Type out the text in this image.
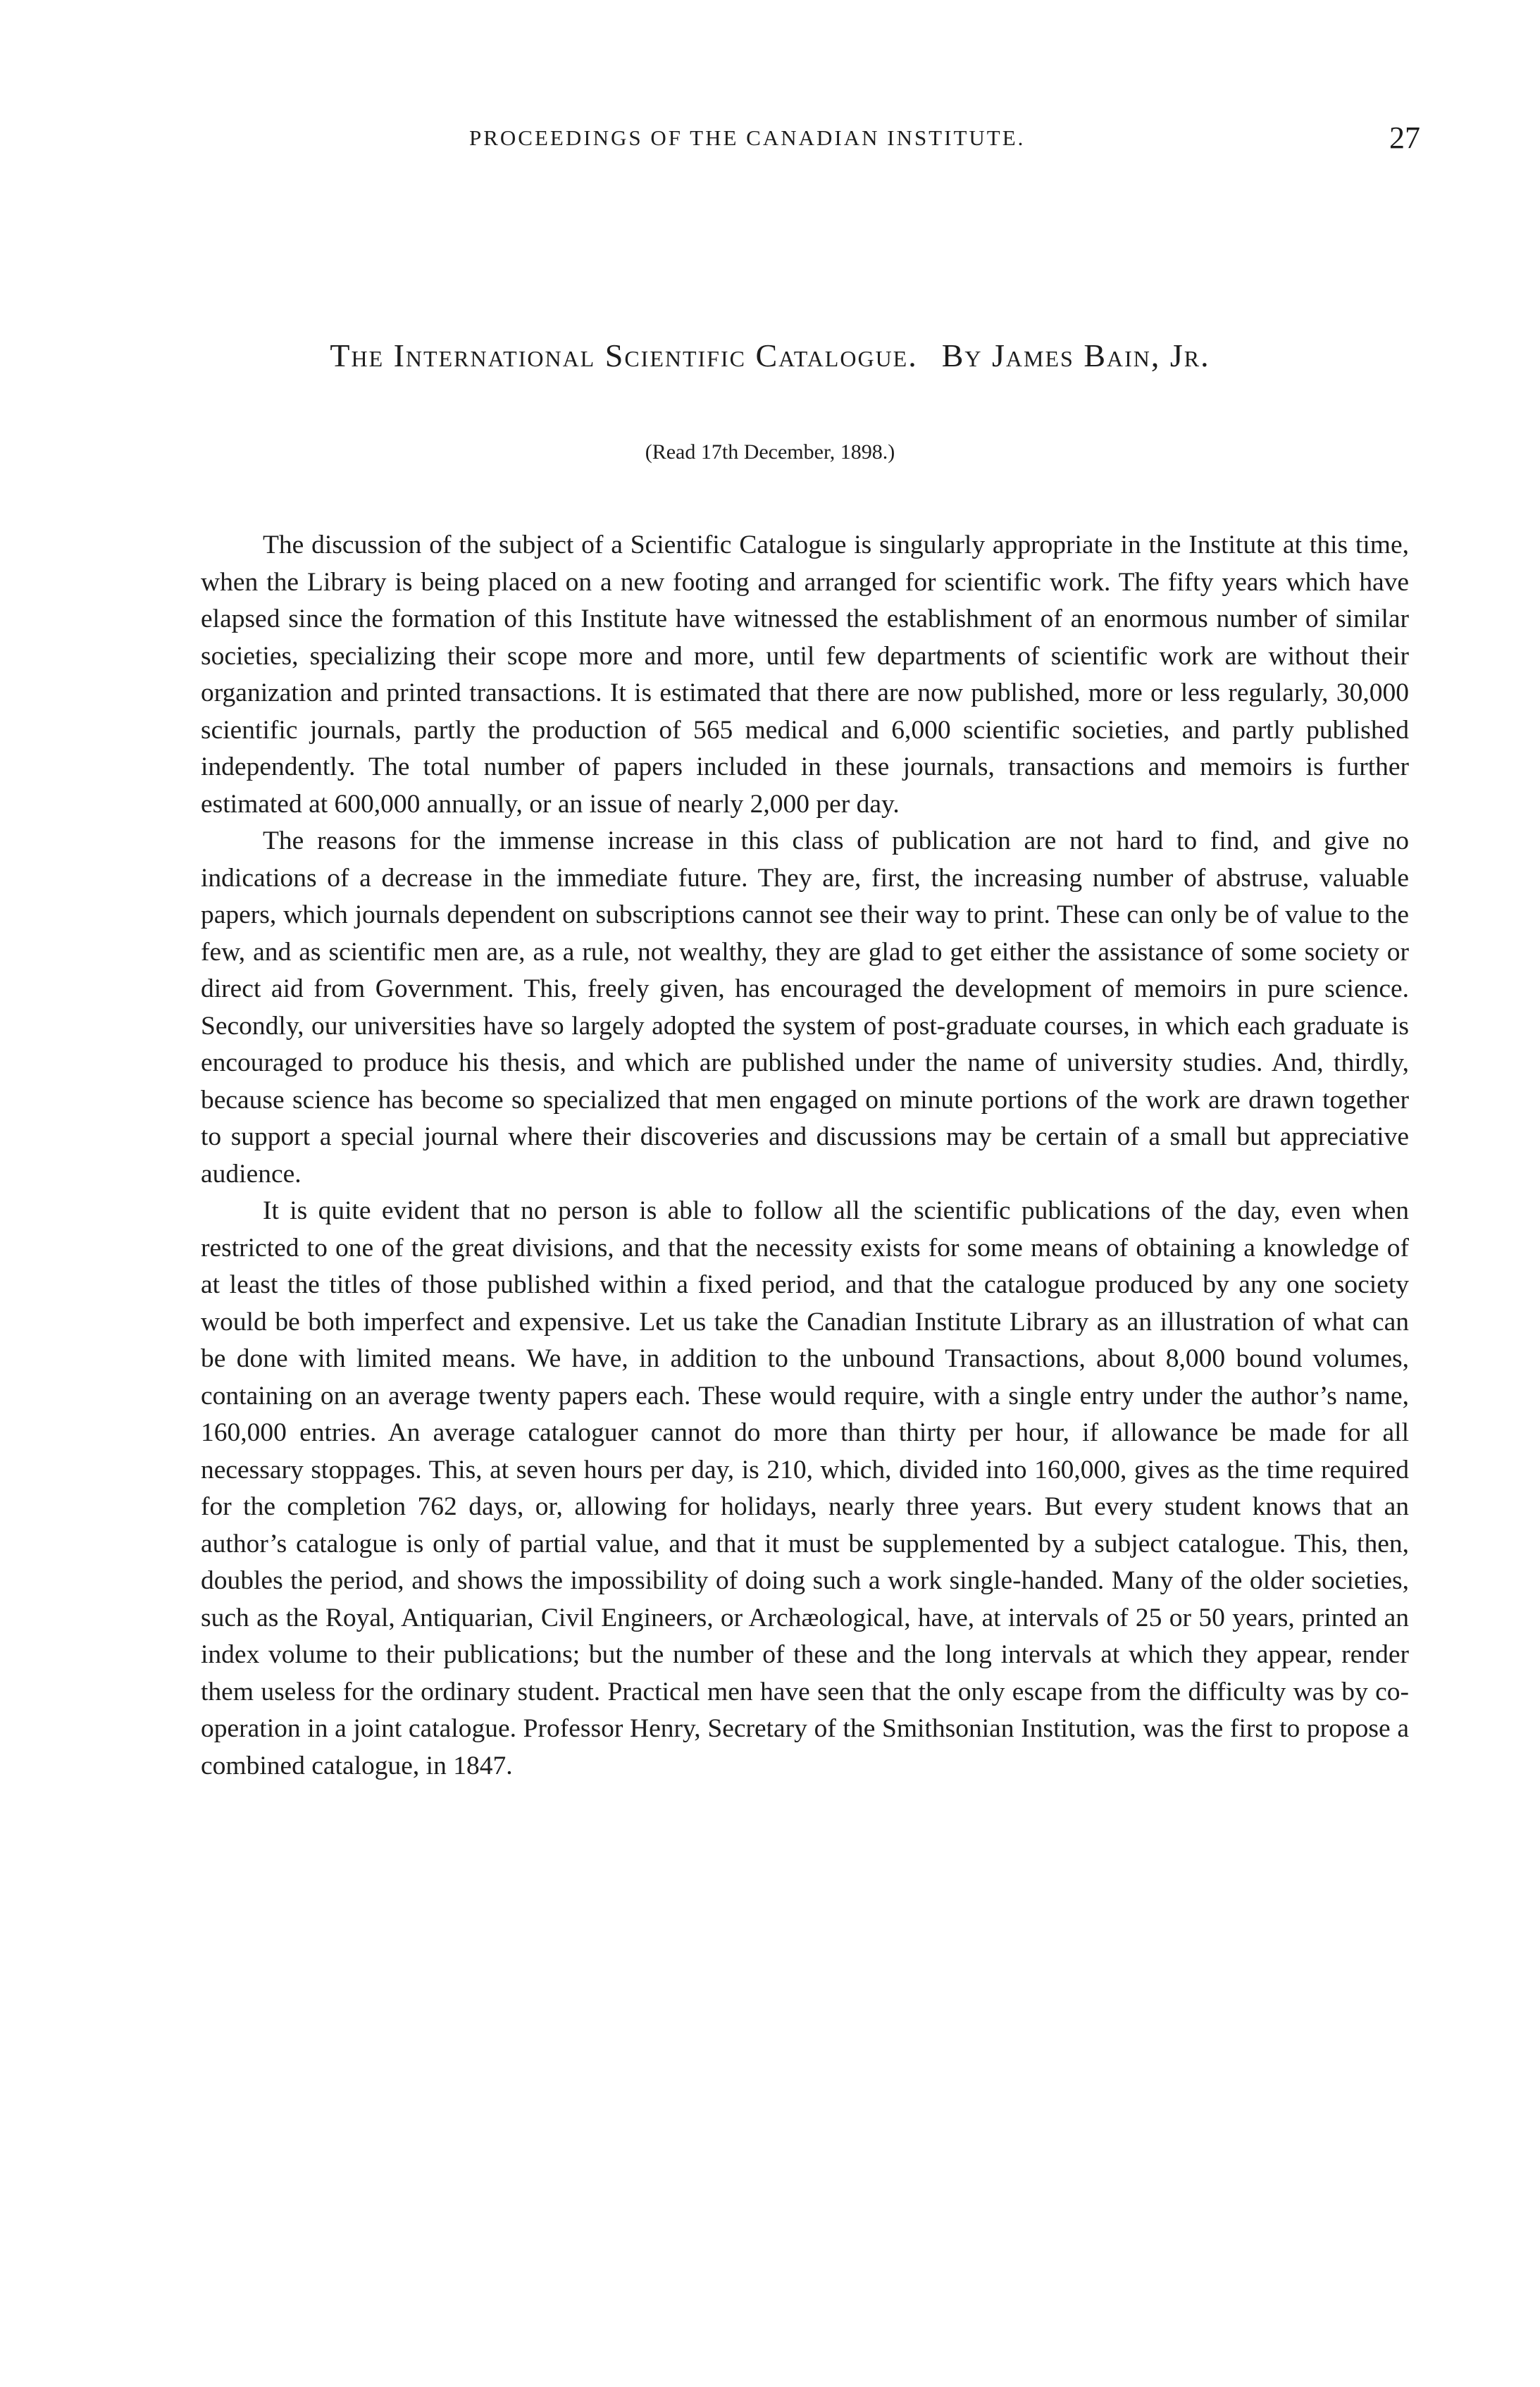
PROCEEDINGS OF THE CANADIAN INSTITUTE.	27
The International Scientific Catalogue. By James Bain, Jr.
(Read 17th December, 1898.)

The discussion of the subject of a Scientific Catalogue is singularly appropriate in the Institute at this time, when the Library is being placed on a new footing and arranged for scientific work. The fifty years which have elapsed since the formation of this Institute have witnessed the establishment of an enormous number of similar societies, specializing their scope more and more, until few departments of scientific work are without their organization and printed transactions. It is estimated that there are now published, more or less regularly, 30,000 scientific journals, partly the production of 565 medical and 6,000 scientific societies, and partly published independently. The total number of papers included in these journals, transactions and memoirs is further estimated at 600,000 annually, or an issue of nearly 2,000 per day.

The reasons for the immense increase in this class of publication are not hard to find, and give no indications of a decrease in the immediate future. They are, first, the increasing number of abstruse, valuable papers, which journals dependent on subscriptions cannot see their way to print. These can only be of value to the few, and as scientific men are, as a rule, not wealthy, they are glad to get either the assistance of some society or direct aid from Government. This, freely given, has encouraged the development of memoirs in pure science. Secondly, our universities have so largely adopted the system of post-graduate courses, in which each graduate is encouraged to produce his thesis, and which are published under the name of university studies. And, thirdly, because science has become so specialized that men engaged on minute portions of the work are drawn together to support a special journal where their discoveries and discussions may be certain of a small but appreciative audience.

It is quite evident that no person is able to follow all the scientific publications of the day, even when restricted to one of the great divisions, and that the necessity exists for some means of obtaining a knowledge of at least the titles of those published within a fixed period, and that the catalogue produced by any one society would be both imperfect and expensive. Let us take the Canadian Institute Library as an illustration of what can be done with limited means. We have, in addition to the unbound Transactions, about 8,000 bound volumes, containing on an average twenty papers each. These would require, with a single entry under the author’s name, 160,000 entries. An average cataloguer cannot do more than thirty per hour, if allowance be made for all necessary stoppages. This, at seven hours per day, is 210, which, divided into 160,000, gives as the time required for the completion 762 days, or, allowing for holidays, nearly three years. But every student knows that an author’s catalogue is only of partial value, and that it must be supplemented by a subject catalogue. This, then, doubles the period, and shows the impossibility of doing such a work single-handed. Many of the older societies, such as the Royal, Antiquarian, Civil Engineers, or Archæological, have, at intervals of 25 or 50 years, printed an index volume to their publications; but the number of these and the long intervals at which they appear, render them useless for the ordinary student. Practical men have seen that the only escape from the difficulty was by co-operation in a joint catalogue. Professor Henry, Secretary of the Smithsonian Institution, was the first to propose a combined catalogue, in 1847.
